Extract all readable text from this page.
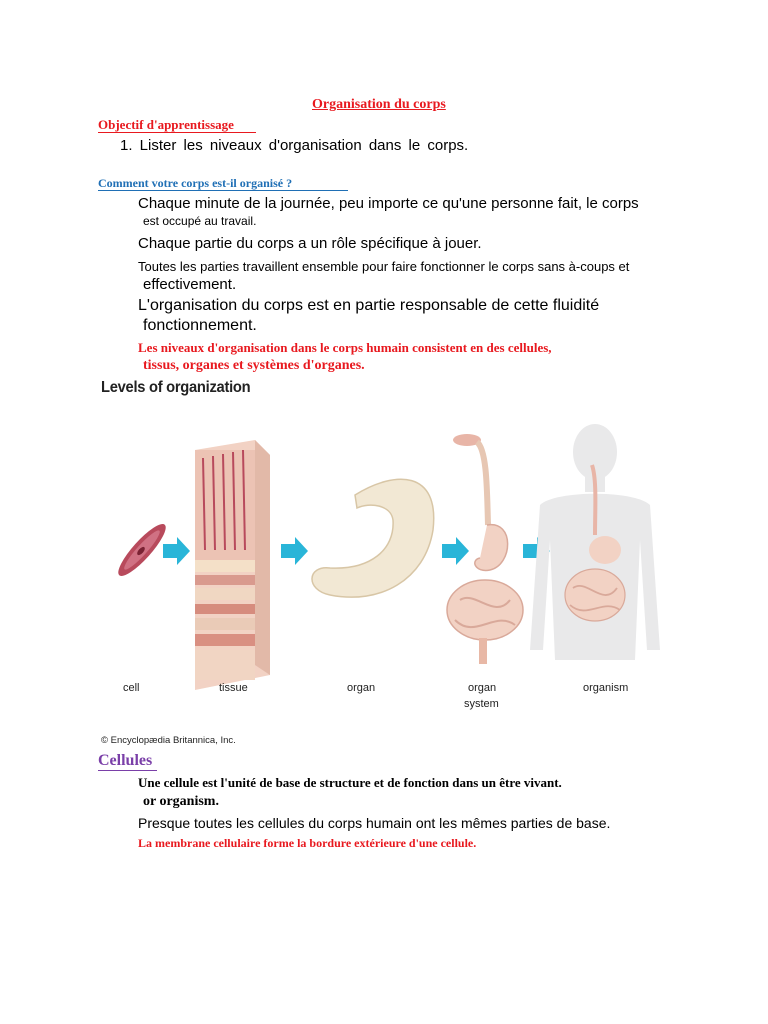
Organisation du corps
Objectif d'apprentissage
1. Lister les niveaux d'organisation dans le corps.
Comment votre corps est-il organisé ?
Chaque minute de la journée, peu importe ce qu'une personne fait, le corps
est occupé au travail.
Chaque partie du corps a un rôle spécifique à jouer.
Toutes les parties travaillent ensemble pour faire fonctionner le corps sans à-coups et
effectivement.
L'organisation du corps est en partie responsable de cette fluidité
fonctionnement.
Les niveaux d'organisation dans le corps humain consistent en des cellules,
tissus, organes et systèmes d'organes.
Levels of organization
cell	tissue	organ	organ
system
organism
© Encyclopædia Britannica, Inc.
Cellules
Une cellule est l'unité de base de structure et de fonction dans un être vivant.
or organism.
Presque toutes les cellules du corps humain ont les mêmes parties de base.
La membrane cellulaire forme la bordure extérieure d'une cellule.
